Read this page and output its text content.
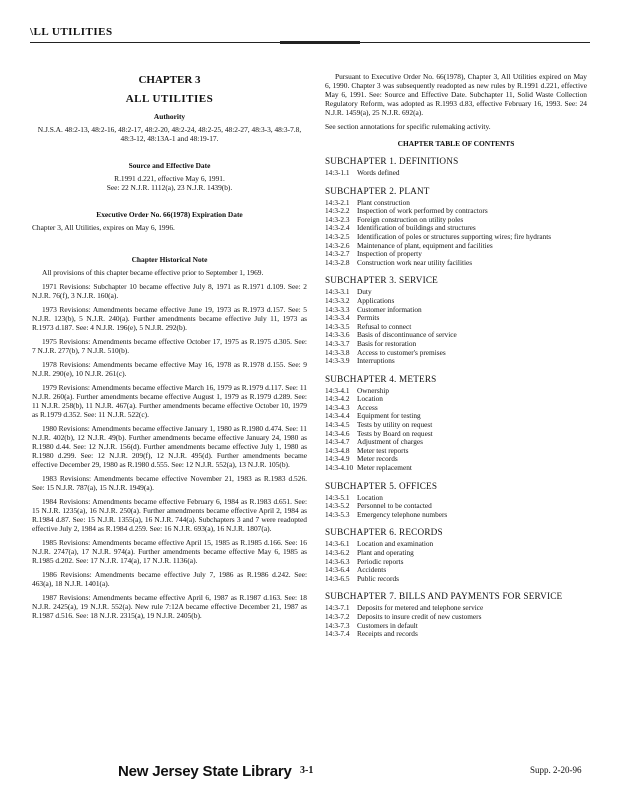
\LL UTILITIES
CHAPTER 3
ALL UTILITIES
Authority
N.J.S.A. 48:2-13, 48:2-16, 48:2-17, 48:2-20, 48:2-24, 48:2-25, 48:2-27, 48:3-3, 48:3-7.8, 48:3-12, 48:13A-1 and 48:19-17.
Source and Effective Date
R.1991 d.221, effective May 6, 1991.
See: 22 N.J.R. 1112(a), 23 N.J.R. 1439(b).
Executive Order No. 66(1978) Expiration Date
Chapter 3, All Utilities, expires on May 6, 1996.
Chapter Historical Note
All provisions of this chapter became effective prior to September 1, 1969.
1971 Revisions: Subchapter 10 became effective July 8, 1971 as R.1971 d.109. See: 2 N.J.R. 76(f), 3 N.J.R. 160(a).
1973 Revisions: Amendments became effective June 19, 1973 as R.1973 d.157. See: 5 N.J.R. 123(b), 5 N.J.R. 240(a). Further amendments became effective July 11, 1973 as R.1973 d.187. See: 4 N.J.R. 196(e), 5 N.J.R. 292(b).
1975 Revisions: Amendments became effective October 17, 1975 as R.1975 d.305. See: 7 N.J.R. 277(b), 7 N.J.R. 510(b).
1978 Revisions: Amendments became effective May 16, 1978 as R.1978 d.155. See: 9 N.J.R. 290(e), 10 N.J.R. 261(c).
1979 Revisions: Amendments became effective March 16, 1979 as R.1979 d.117. See: 11 N.J.R. 260(a). Further amendments became effective August 1, 1979 as R.1979 d.289. See: 11 N.J.R. 258(b), 11 N.J.R. 467(a). Further amendments became effective October 10, 1979 as R.1979 d.352. See: 11 N.J.R. 522(c).
1980 Revisions: Amendments became effective January 1, 1980 as R.1980 d.474. See: 11 N.J.R. 402(b), 12 N.J.R. 49(b). Further amendments became effective January 24, 1980 as R.1980 d.44. See: 12 N.J.R. 156(d). Further amendments became effective July 1, 1980 as R.1980 d.299. See: 12 N.J.R. 209(f), 12 N.J.R. 495(d). Further amendments became effective December 29, 1980 as R.1980 d.555. See: 12 N.J.R. 552(a), 13 N.J.R. 105(b).
1983 Revisions: Amendments became effective November 21, 1983 as R.1983 d.526. See: 15 N.J.R. 787(a), 15 N.J.R. 1949(a).
1984 Revisions: Amendments became effective February 6, 1984 as R.1983 d.651. See: 15 N.J.R. 1235(a), 16 N.J.R. 250(a). Further amendments became effective April 2, 1984 as R.1984 d.87. See: 15 N.J.R. 1355(a), 16 N.J.R. 744(a). Subchapters 3 and 7 were readopted effective July 2, 1984 as R.1984 d.259. See: 16 N.J.R. 693(a), 16 N.J.R. 1807(a).
1985 Revisions: Amendments became effective April 15, 1985 as R.1985 d.166. See: 16 N.J.R. 2747(a), 17 N.J.R. 974(a). Further amendments became effective May 6, 1985 as R.1985 d.202. See: 17 N.J.R. 174(a), 17 N.J.R. 1136(a).
1986 Revisions: Amendments became effective July 7, 1986 as R.1986 d.242. See: 463(a), 18 N.J.R. 1401(a).
1987 Revisions: Amendments became effective April 6, 1987 as R.1987 d.163. See: 18 N.J.R. 2425(a), 19 N.J.R. 552(a). New rule 7:12A became effective December 21, 1987 as R.1987 d.516. See: 18 N.J.R. 2315(a), 19 N.J.R. 2405(b).
Pursuant to Executive Order No. 66(1978), Chapter 3, All Utilities expired on May 6, 1990. Chapter 3 was subsequently readopted as new rules by R.1991 d.221, effective May 6, 1991. See: Source and Effective Date. Subchapter 11, Solid Waste Collection Regulatory Reform, was adopted as R.1993 d.83, effective February 16, 1993. See: 24 N.J.R. 1459(a), 25 N.J.R. 692(a).
See section annotations for specific rulemaking activity.
CHAPTER TABLE OF CONTENTS
SUBCHAPTER 1. DEFINITIONS
14:3-1.1	Words defined
SUBCHAPTER 2. PLANT
14:3-2.1	Plant construction
14:3-2.2	Inspection of work performed by contractors
14:3-2.3	Foreign construction on utility poles
14:3-2.4	Identification of buildings and structures
14:3-2.5	Identification of poles or structures supporting wires; fire hydrants
14:3-2.6	Maintenance of plant, equipment and facilities
14:3-2.7	Inspection of property
14:3-2.8	Construction work near utility facilities
SUBCHAPTER 3. SERVICE
14:3-3.1	Duty
14:3-3.2	Applications
14:3-3.3	Customer information
14:3-3.4	Permits
14:3-3.5	Refusal to connect
14:3-3.6	Basis of discontinuance of service
14:3-3.7	Basis for restoration
14:3-3.8	Access to customer's premises
14:3-3.9	Interruptions
SUBCHAPTER 4. METERS
14:3-4.1	Ownership
14:3-4.2	Location
14:3-4.3	Access
14:3-4.4	Equipment for testing
14:3-4.5	Tests by utility on request
14:3-4.6	Tests by Board on request
14:3-4.7	Adjustment of charges
14:3-4.8	Meter test reports
14:3-4.9	Meter records
14:3-4.10 Meter replacement
SUBCHAPTER 5. OFFICES
14:3-5.1	Location
14:3-5.2	Personnel to be contacted
14:3-5.3	Emergency telephone numbers
SUBCHAPTER 6. RECORDS
14:3-6.1	Location and examination
14:3-6.2	Plant and operating
14:3-6.3	Periodic reports
14:3-6.4	Accidents
14:3-6.5	Public records
SUBCHAPTER 7. BILLS AND PAYMENTS FOR SERVICE
14:3-7.1	Deposits for metered and telephone service
14:3-7.2	Deposits to insure credit of new customers
14:3-7.3	Customers in default
14:3-7.4	Receipts and records
New Jersey State Library 3-1	Supp. 2-20-96
